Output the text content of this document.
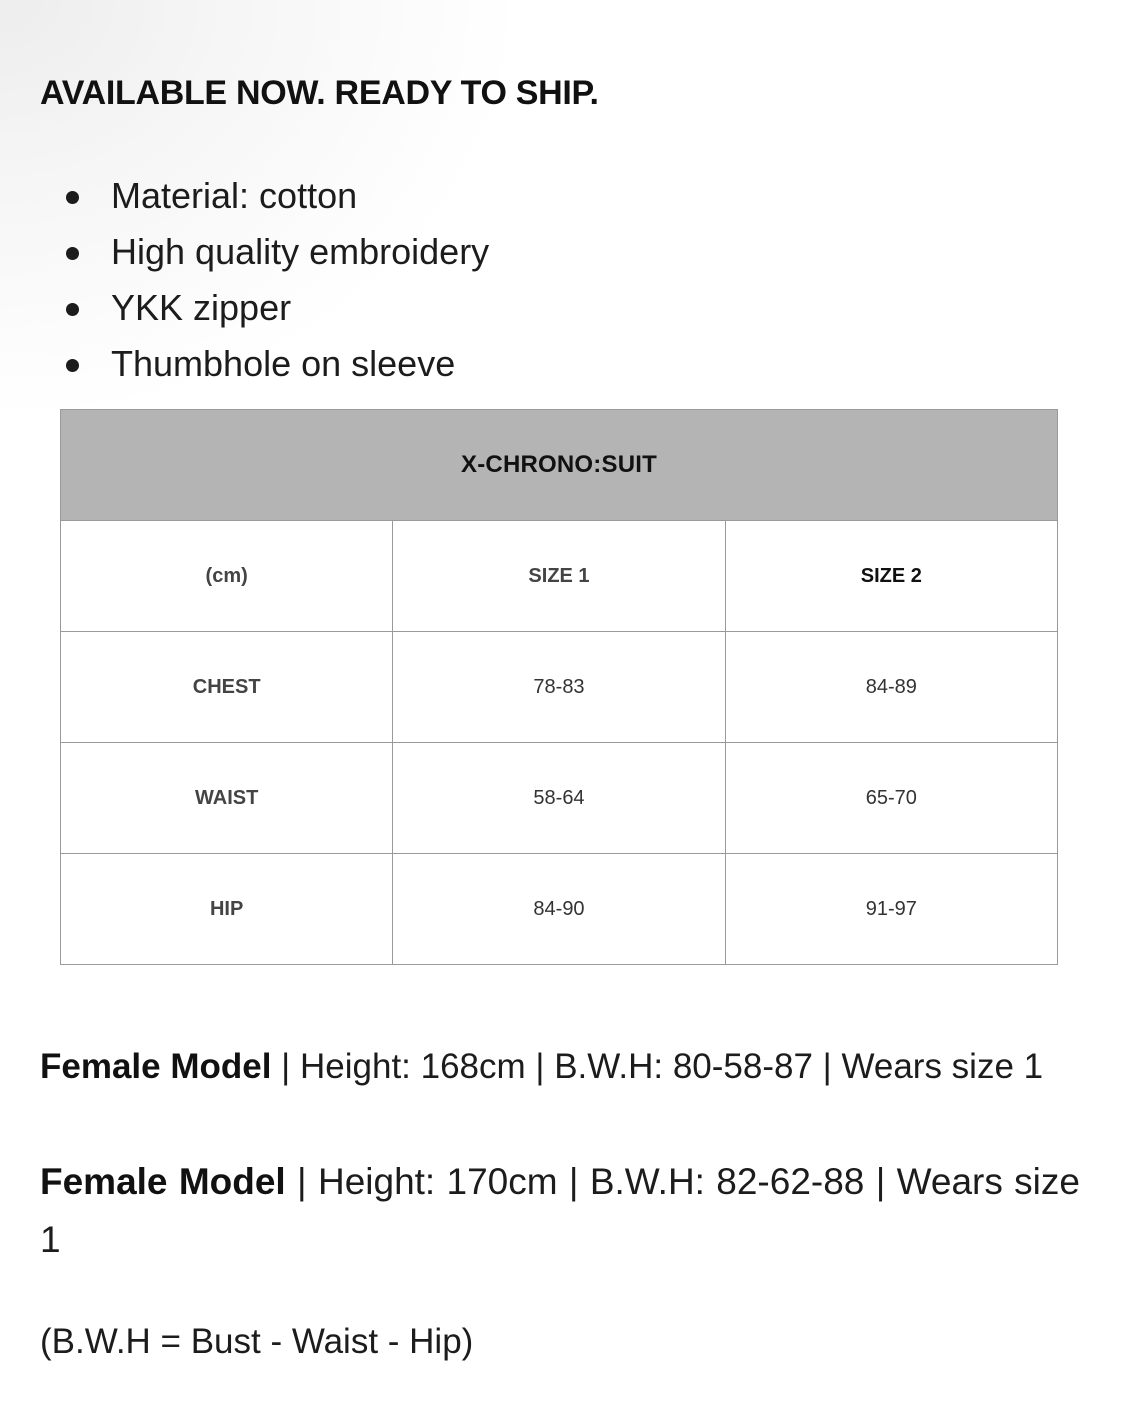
AVAILABLE NOW. READY TO SHIP.
Material: cotton
High quality embroidery
YKK zipper
Thumbhole on sleeve
X-CHRONO:SUIT		
(cm)	SIZE 1	SIZE 2
CHEST	78-83	84-89
WAIST	58-64	65-70
HIP	84-90	91-97

Female Model | Height: 168cm | B.W.H: 80-58-87 | Wears size 1

Female Model | Height: 170cm | B.W.H: 82-62-88 | Wears size 1

(B.W.H = Bust - Waist - Hip)
